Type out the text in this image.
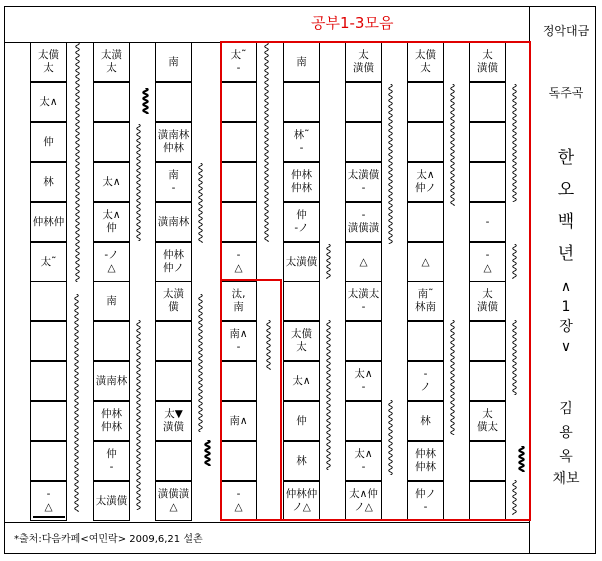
공부1-3모음
太僙
太
太∧
仲
林
仲林仲
太˜
太潢
太
太∧
太∧
仲
-ノ
△
南
潢南林
仲林
南
-
潢南林
仲林
仲ノ
太˜
-
-
△
南
林˜
-
仲林
仲林
仲
-ノ
太潢僙
太
潢僙
太潢僙
-
-
潢僙潢
△
太僙
太
太∧
仲ノ
△
太
潢僙
-
-
△
-
△
南
潢南林
仲林
仲林
仲
-
太潢僙
太潢
僙
太▼
潢僙
潢僙潢
△
汰,
南
南∧
-
南∧
-
△
太僙
太
太∧
仲
林
仲林仲
ノ△
太潢太
-
太∧
-
太∧
-
太∧仲
ノ△
南˜
林南
-
ノ
林
仲林
仲林
仲ノ
-
太
潢僙
太
僙太
*출처:다음카페<여민락> 2009,6,21 설촌
정악대금
독주곡
한
오
백
년
∧
1
장
∨
김
용
옥
채보
